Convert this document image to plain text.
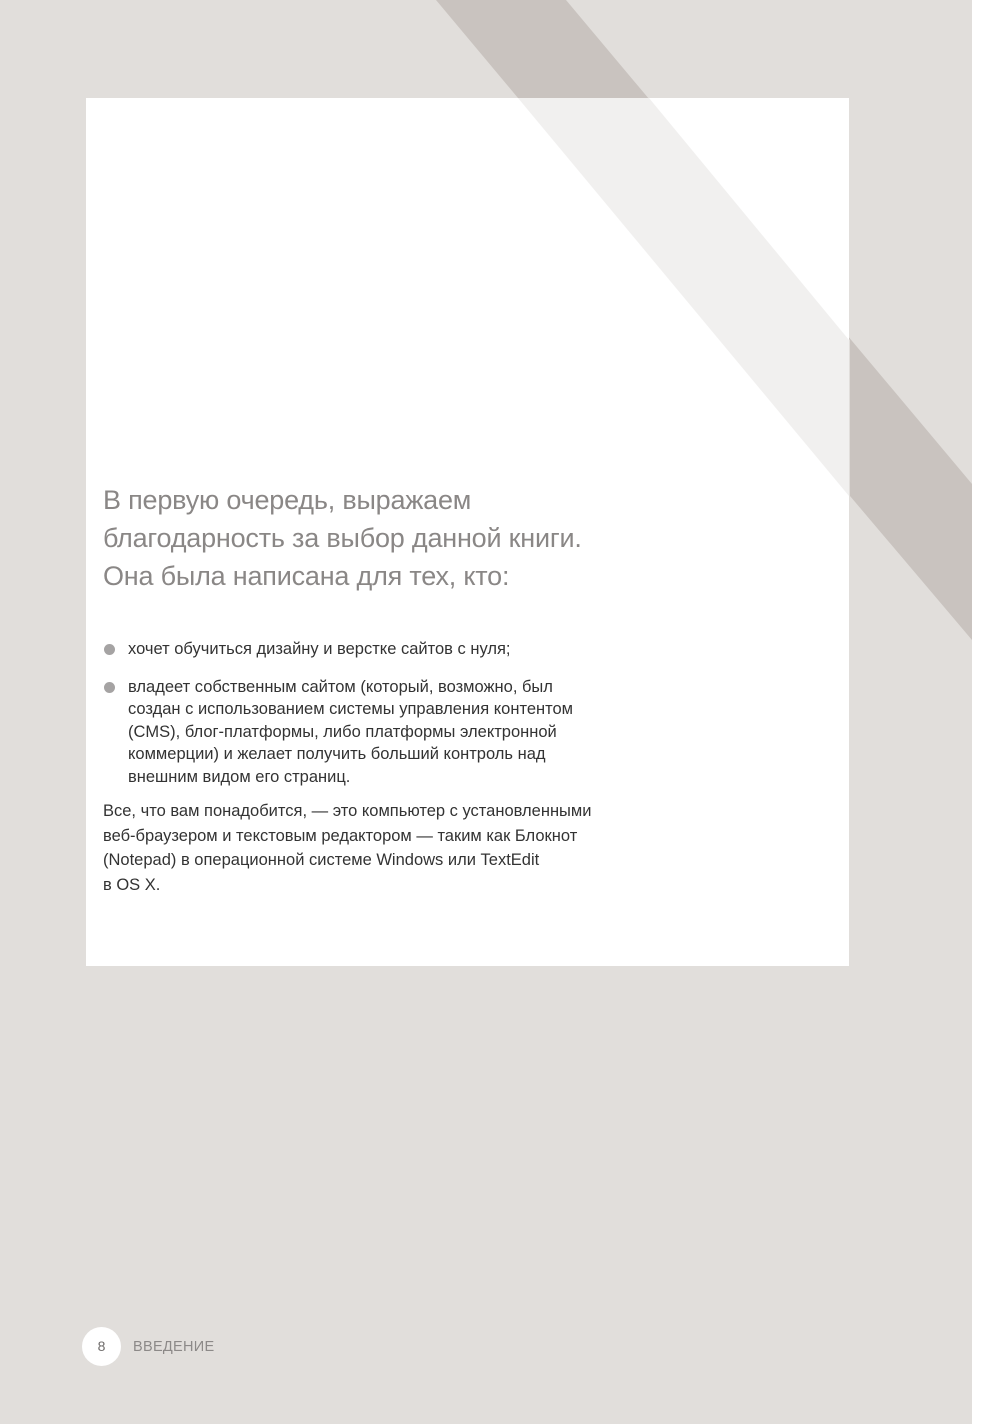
В первую очередь, выражаем
благодарность за выбор данной книги.
Она была написана для тех, кто:
хочет обучиться дизайну и верстке сайтов с нуля;
владеет собственным сайтом (который, возможно, был
создан с использованием системы управления контентом
(CMS), блог-платформы, либо платформы электронной
коммерции) и желает получить больший контроль над
внешним видом его страниц.
Все, что вам понадобится, — это компьютер с установленными
веб-браузером и текстовым редактором — таким как Блокнот
(Notepad) в операционной системе Windows или TextEdit
в OS X.
8	ВВЕДЕНИЕ
